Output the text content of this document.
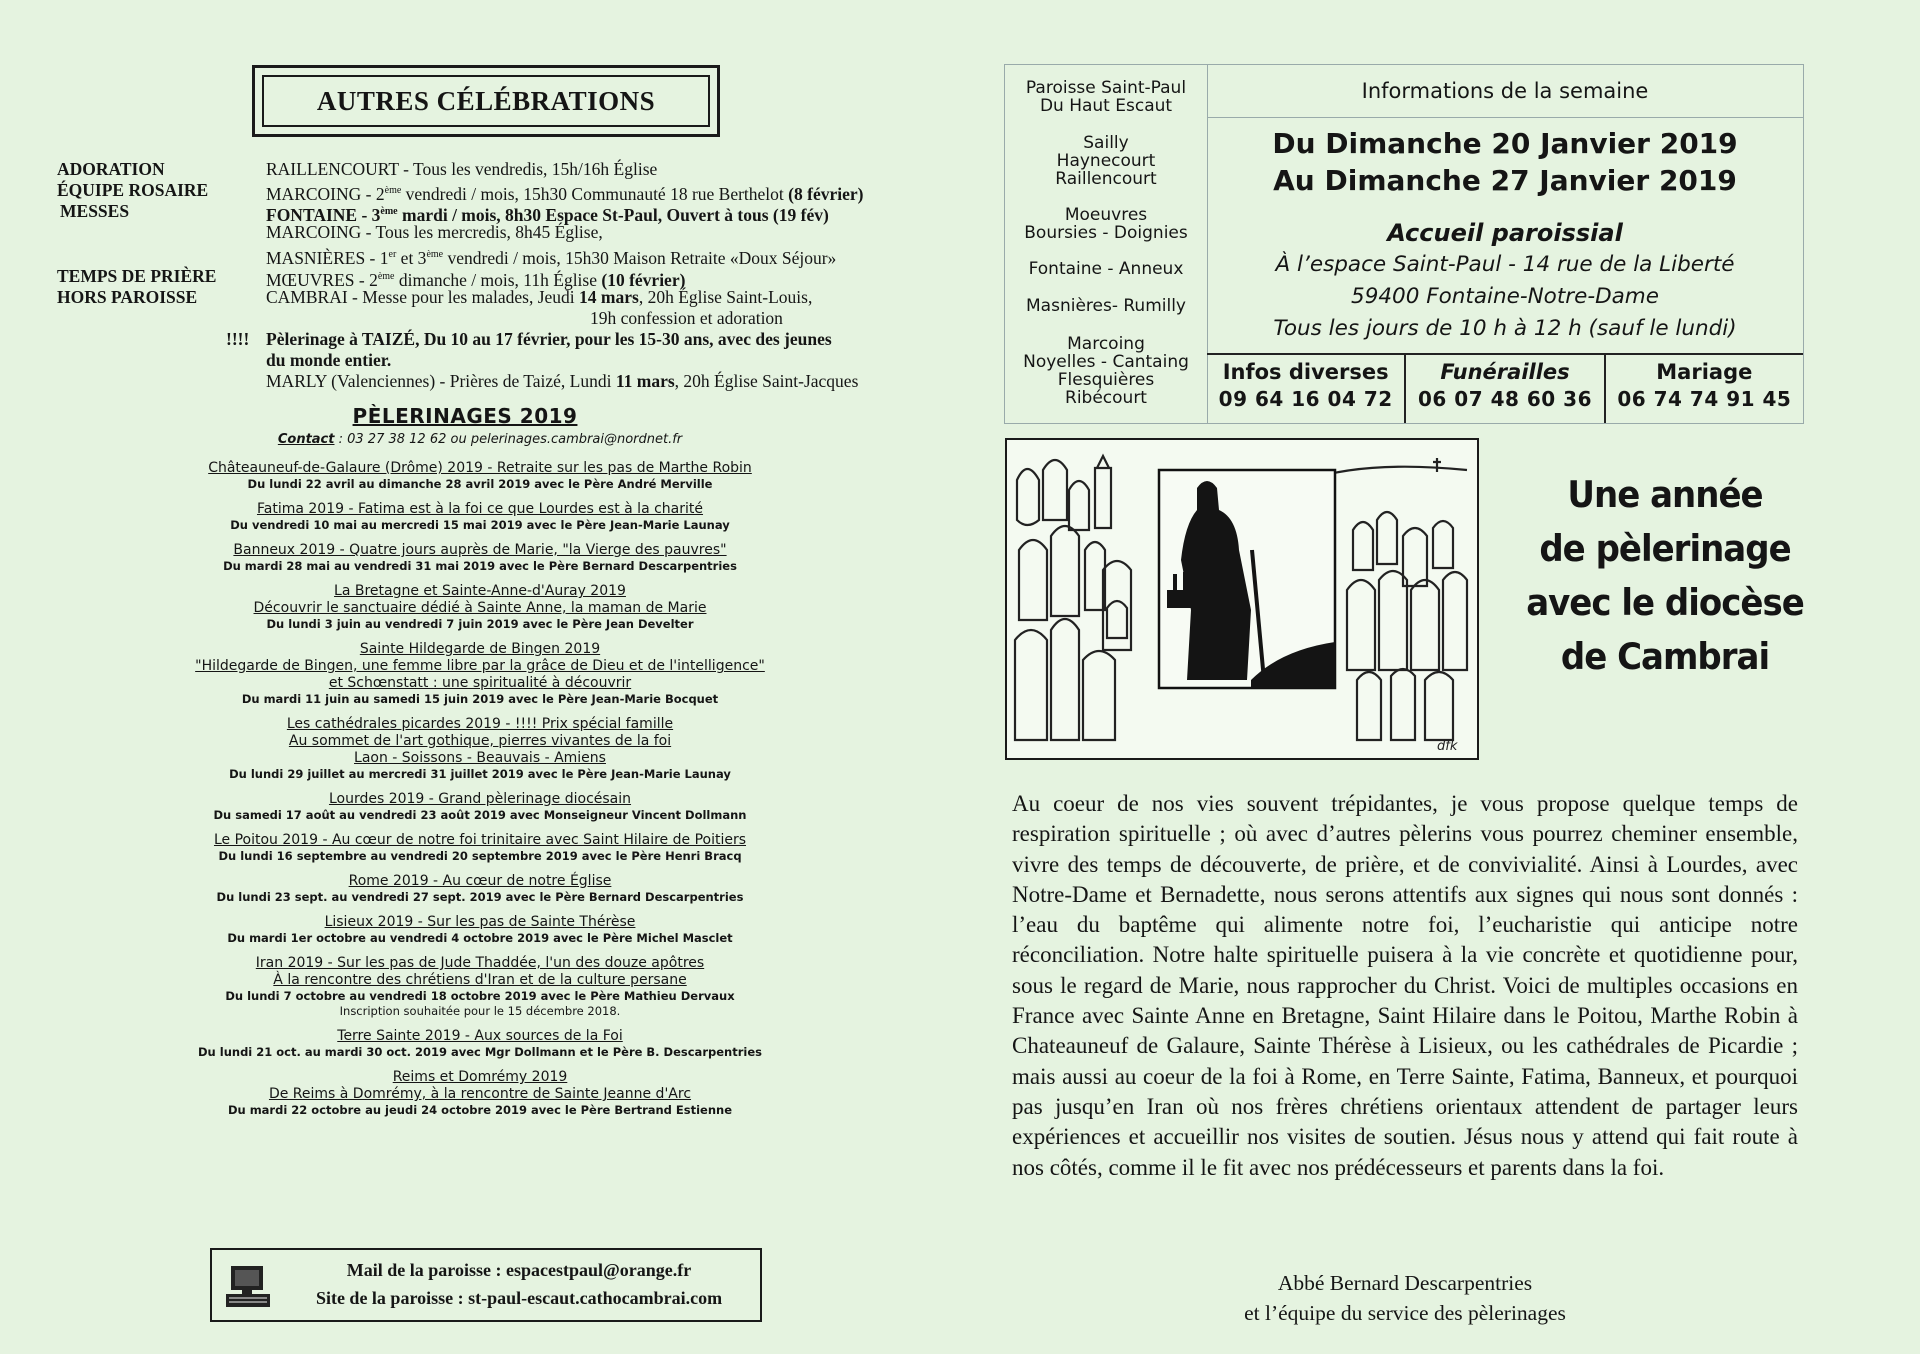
AUTRES CÉLÉBRATIONS
ADORATION
ÉQUIPE ROSAIRE
MESSES
TEMPS DE PRIÈRE
HORS PAROISSE
RAILLENCOURT - Tous les vendredis, 15h/16h Église
MARCOING - 2ème vendredi / mois, 15h30 Communauté 18 rue Berthelot (8 février)
FONTAINE - 3ème mardi / mois, 8h30 Espace St-Paul, Ouvert à tous (19 fév)
MARCOING - Tous les mercredis, 8h45 Église,
MASNIÈRES - 1er et 3ème vendredi / mois, 15h30 Maison Retraite «Doux Séjour»
MŒUVRES - 2ème dimanche / mois, 11h Église (10 février)
CAMBRAI - Messe pour les malades, Jeudi 14 mars, 20h Église Saint-Louis,
19h confession et adoration
!!!! Pèlerinage à TAIZÉ, Du 10 au 17 février, pour les 15-30 ans, avec des jeunes
du monde entier.
MARLY (Valenciennes) - Prières de Taizé, Lundi 11 mars, 20h Église Saint-Jacques
PÈLERINAGES 2019
Contact : 03 27 38 12 62 ou pelerinages.cambrai@nordnet.fr
Châteauneuf-de-Galaure (Drôme) 2019 - Retraite sur les pas de Marthe Robin
Du lundi 22 avril au dimanche 28 avril 2019 avec le Père André Merville
Fatima 2019 - Fatima est à la foi ce que Lourdes est à la charité
Du vendredi 10 mai au mercredi 15 mai 2019 avec le Père Jean-Marie Launay
Banneux 2019 - Quatre jours auprès de Marie, "la Vierge des pauvres"
Du mardi 28 mai au vendredi 31 mai 2019 avec le Père Bernard Descarpentries
La Bretagne et Sainte-Anne-d'Auray 2019
Découvrir le sanctuaire dédié à Sainte Anne, la maman de Marie
Du lundi 3 juin au vendredi 7 juin 2019 avec le Père Jean Develter
Sainte Hildegarde de Bingen 2019
"Hildegarde de Bingen, une femme libre par la grâce de Dieu et de l'intelligence"
et Schœnstatt : une spiritualité à découvrir
Du mardi 11 juin au samedi 15 juin 2019 avec le Père Jean-Marie Bocquet
Les cathédrales picardes 2019 - !!!! Prix spécial famille
Au sommet de l'art gothique, pierres vivantes de la foi
Laon - Soissons - Beauvais - Amiens
Du lundi 29 juillet au mercredi 31 juillet 2019 avec le Père Jean-Marie Launay
Lourdes 2019 - Grand pèlerinage diocésain
Du samedi 17 août au vendredi 23 août 2019 avec Monseigneur Vincent Dollmann
Le Poitou 2019 - Au cœur de notre foi trinitaire avec Saint Hilaire de Poitiers
Du lundi 16 septembre au vendredi 20 septembre 2019 avec le Père Henri Bracq
Rome 2019 - Au cœur de notre Église
Du lundi 23 sept. au vendredi 27 sept. 2019 avec le Père Bernard Descarpentries
Lisieux 2019 - Sur les pas de Sainte Thérèse
Du mardi 1er octobre au vendredi 4 octobre 2019 avec le Père Michel Masclet
Iran 2019 - Sur les pas de Jude Thaddée, l'un des douze apôtres
À la rencontre des chrétiens d'Iran et de la culture persane
Du lundi 7 octobre au vendredi 18 octobre 2019 avec le Père Mathieu Dervaux
Inscription souhaitée pour le 15 décembre 2018.
Terre Sainte 2019 - Aux sources de la Foi
Du lundi 21 oct. au mardi 30 oct. 2019 avec Mgr Dollmann et le Père B. Descarpentries
Reims et Domrémy 2019
De Reims à Domrémy, à la rencontre de Sainte Jeanne d'Arc
Du mardi 22 octobre au jeudi 24 octobre 2019 avec le Père Bertrand Estienne
Mail de la paroisse : espacestpaul@orange.fr
Site de la paroisse : st-paul-escaut.cathocambrai.com
Paroisse Saint-Paul
Du Haut Escaut
Sailly
Haynecourt
Raillencourt
Moeuvres
Boursies - Doignies
Fontaine - Anneux
Masnières- Rumilly
Marcoing
Noyelles - Cantaing
Flesquières
Ribécourt
Informations de la semaine
Du Dimanche 20 Janvier 2019
Au Dimanche 27 Janvier 2019
Accueil paroissial
À l’espace Saint-Paul - 14 rue de la Liberté
59400 Fontaine-Notre-Dame
Tous les jours de 10 h à 12 h (sauf le lundi)
Infos diverses
09 64 16 04 72
Funérailles
06 07 48 60 36
Mariage
06 74 74 91 45
dfk
Une année
de pèlerinage
avec le diocèse
de Cambrai
Au coeur de nos vies souvent trépidantes, je vous propose quelque temps de respiration spirituelle ; où avec d’autres pèlerins vous pourrez cheminer ensemble, vivre des temps de découverte, de prière, et de convivialité. Ainsi à Lourdes, avec Notre-Dame et Bernadette, nous serons attentifs aux signes qui nous sont donnés : l’eau du baptême qui alimente notre foi, l’eucharistie qui anticipe notre réconciliation. Notre halte spirituelle puisera à la vie concrète et quotidienne pour, sous le regard de Marie, nous rapprocher du Christ. Voici de multiples occasions en France avec Sainte Anne en Bretagne, Saint Hilaire dans le Poitou, Marthe Robin à Chateauneuf de Galaure, Sainte Thérèse à Lisieux, ou les cathédrales de Picardie ; mais aussi au coeur de la foi à Rome, en Terre Sainte, Fatima, Banneux, et pourquoi pas jusqu’en Iran où nos frères chrétiens orientaux attendent de partager leurs expériences et accueillir nos visites de soutien. Jésus nous y attend qui fait route à nos côtés, comme il le fit avec nos prédécesseurs et parents dans la foi.
Abbé Bernard Descarpentries
et l’équipe du service des pèlerinages
